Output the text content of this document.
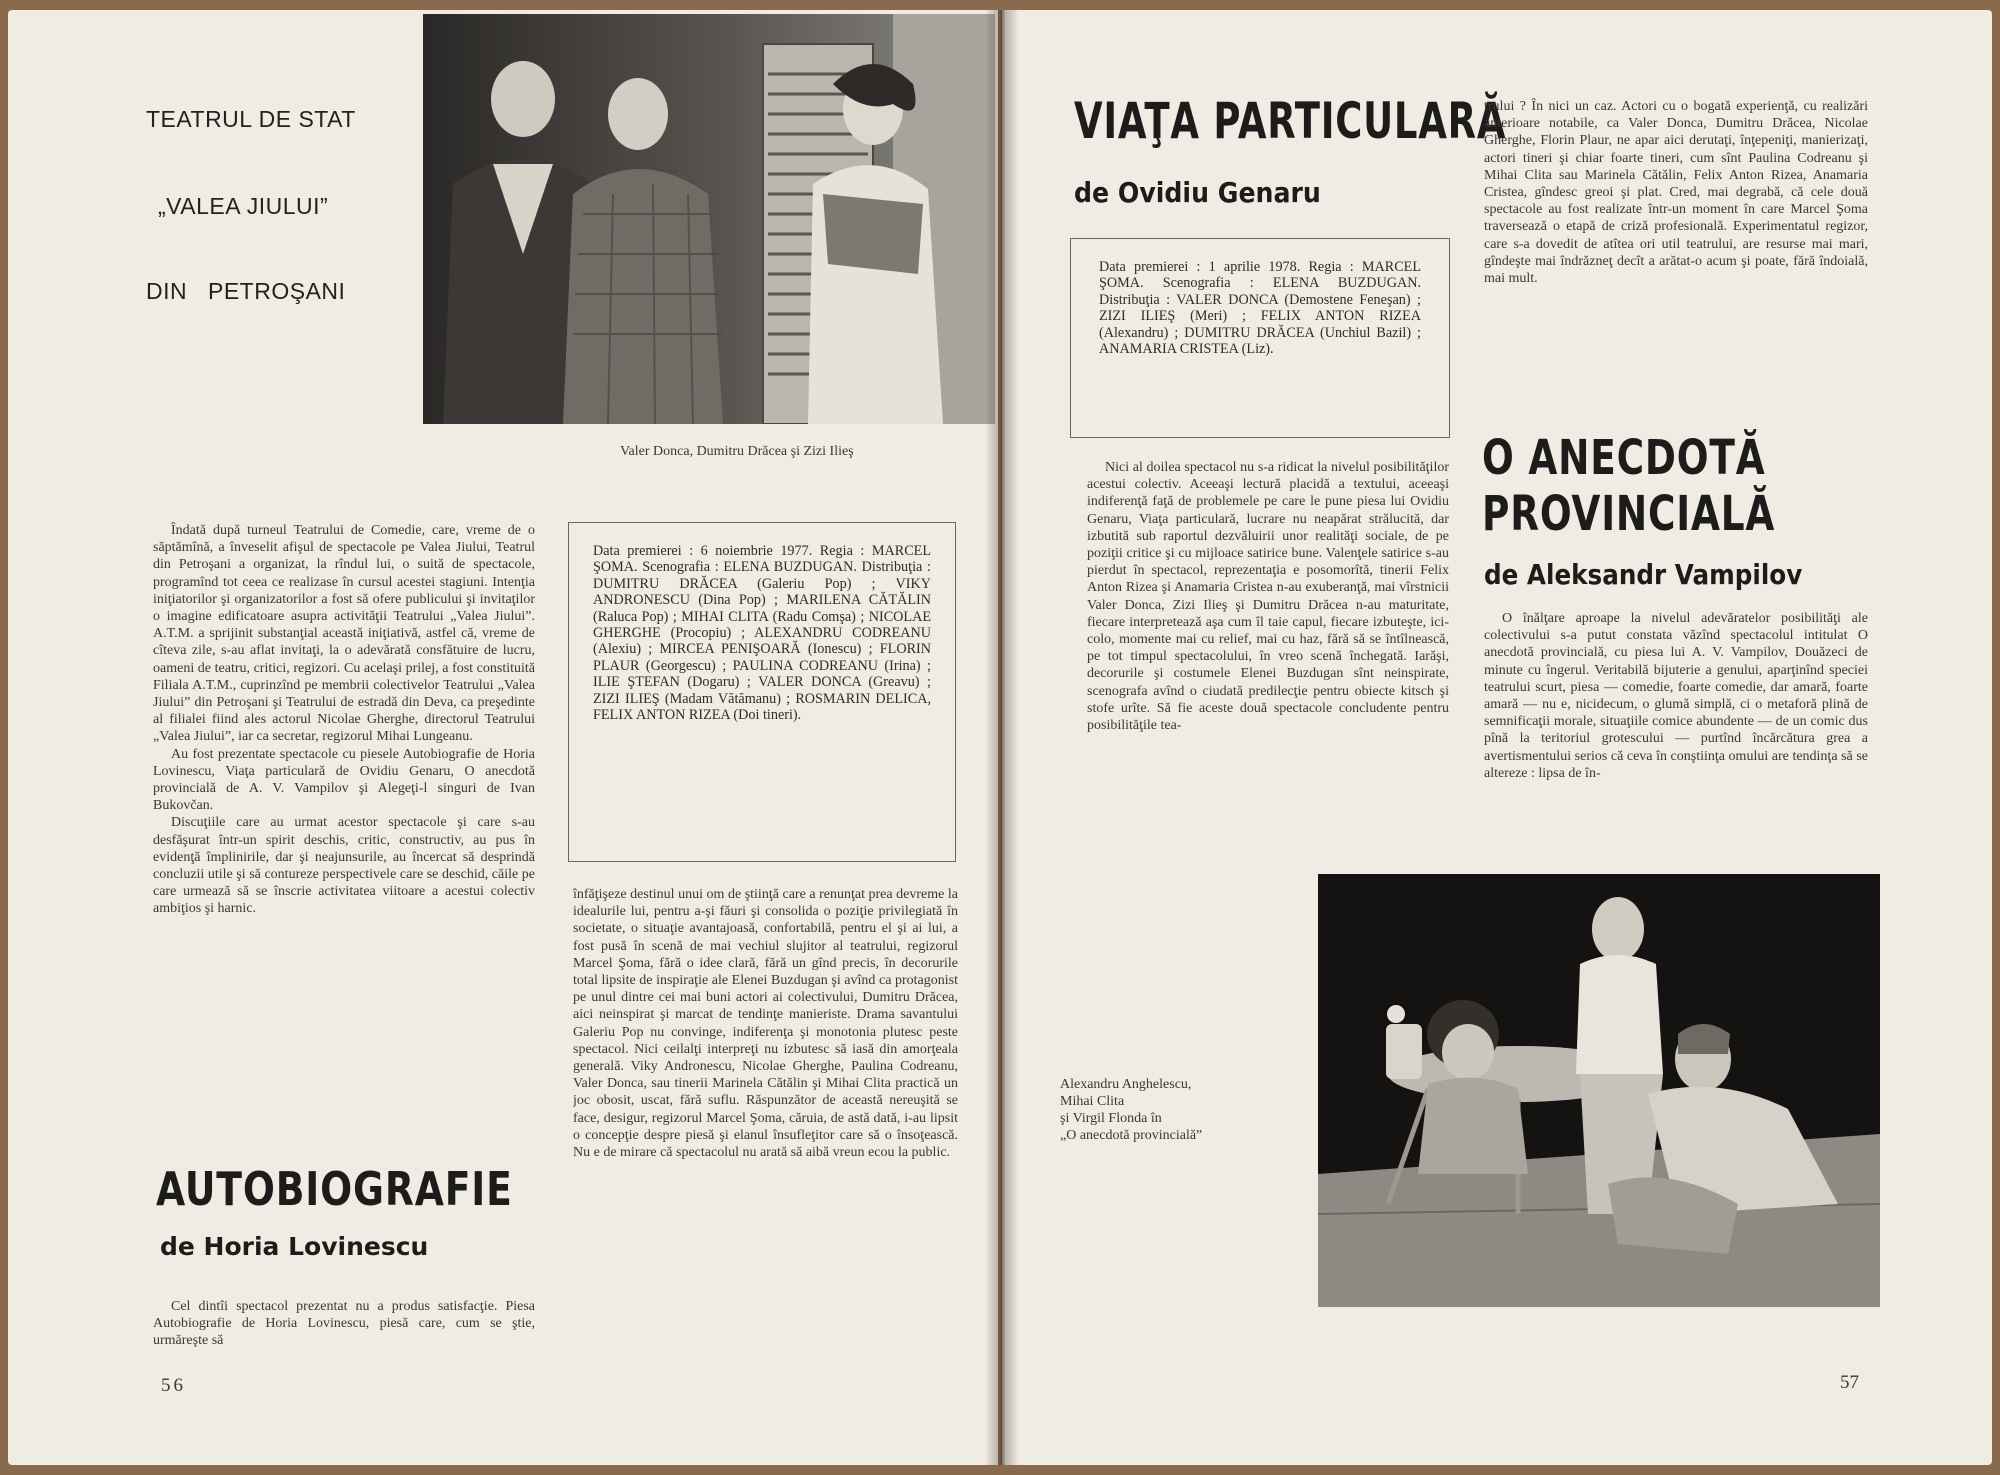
TEATRUL DE STAT
„VALEA JIULUI”
DIN PETROŞANI
Valer Donca, Dumitru Drăcea şi Zizi Ilieş

Îndată după turneul Teatrului de Comedie, care, vreme de o săptămînă, a înveselit afişul de spectacole pe Valea Jiului, Teatrul din Petroşani a organizat, la rîndul lui, o suită de spectacole, programînd tot ceea ce realizase în cursul acestei stagiuni. Intenţia iniţiatorilor şi organizatorilor a fost să ofere publicului şi invitaţilor o imagine edificatoare asupra activităţii Teatrului „Valea Jiului”. A.T.M. a sprijinit substanţial această iniţiativă, astfel că, vreme de cîteva zile, s-au aflat invitaţi, la o adevărată consfătuire de lucru, oameni de teatru, critici, regizori. Cu acelaşi prilej, a fost constituită Filiala A.T.M., cuprinzînd pe membrii colectivelor Teatrului „Valea Jiului” din Petroşani şi Teatrului de estradă din Deva, ca preşedinte al filialei fiind ales actorul Nicolae Gherghe, directorul Teatrului „Valea Jiului”, iar ca secretar, regizorul Mihai Lungeanu.

Au fost prezentate spectacole cu piesele Autobiografie de Horia Lovinescu, Viaţa particulară de Ovidiu Genaru, O anecdotă provincială de A. V. Vampilov şi Alegeţi-l singuri de Ivan Bukovčan.

Discuţiile care au urmat acestor spectacole şi care s-au desfăşurat într-un spirit deschis, critic, constructiv, au pus în evidenţă împlinirile, dar şi neajunsurile, au încercat să desprindă concluzii utile şi să contureze perspectivele care se deschid, căile pe care urmează să se înscrie activitatea viitoare a acestui colectiv ambiţios şi harnic.

AUTOBIOGRAFIE
de Horia Lovinescu

Cel dintîi spectacol prezentat nu a produs satisfacţie. Piesa Autobiografie de Horia Lovinescu, piesă care, cum se ştie, urmăreşte să

Data premierei : 6 noiembrie 1977. Regia : MARCEL ŞOMA. Scenografia : ELENA BUZDUGAN. Distribuţia : DUMITRU DRĂCEA (Galeriu Pop) ; VIKY ANDRONESCU (Dina Pop) ; MARILENA CĂTĂLIN (Raluca Pop) ; MIHAI CLITA (Radu Comşa) ; NICOLAE GHERGHE (Procopiu) ; ALEXANDRU CODREANU (Alexiu) ; MIRCEA PENIŞOARĂ (Ionescu) ; FLORIN PLAUR (Georgescu) ; PAULINA CODREANU (Irina) ; ILIE ŞTEFAN (Dogaru) ; VALER DONCA (Greavu) ; ZIZI ILIEŞ (Madam Vătămanu) ; ROSMARIN DELICA, FELIX ANTON RIZEA (Doi tineri).

înfăţişeze destinul unui om de ştiinţă care a renunţat prea devreme la idealurile lui, pentru a-şi făuri şi consolida o poziţie privilegiată în societate, o situaţie avantajoasă, confortabilă, pentru el şi ai lui, a fost pusă în scenă de mai vechiul slujitor al teatrului, regizorul Marcel Şoma, fără o idee clară, fără un gînd precis, în decorurile total lipsite de inspiraţie ale Elenei Buzdugan şi avînd ca protagonist pe unul dintre cei mai buni actori ai colectivului, Dumitru Drăcea, aici neinspirat şi marcat de tendinţe manieriste. Drama savantului Galeriu Pop nu convinge, indiferenţa şi monotonia plutesc peste spectacol. Nici ceilalţi interpreţi nu izbutesc să iasă din amorţeala generală. Viky Andronescu, Nicolae Gherghe, Paulina Codreanu, Valer Donca, sau tinerii Marinela Cătălin şi Mihai Clita practică un joc obosit, uscat, fără suflu. Răspunzător de această nereuşită se face, desigur, regizorul Marcel Şoma, căruia, de astă dată, i-au lipsit o concepţie despre piesă şi elanul însufleţitor care să o însoţească. Nu e de mirare că spectacolul nu arată să aibă vreun ecou la public.

56
VIAŢA PARTICULARĂ
de Ovidiu Genaru

Data premierei : 1 aprilie 1978. Regia : MARCEL ŞOMA. Scenografia : ELENA BUZDUGAN. Distribuţia : VALER DONCA (Demostene Feneşan) ; ZIZI ILIEŞ (Meri) ; FELIX ANTON RIZEA (Alexandru) ; DUMITRU DRĂCEA (Unchiul Bazil) ; ANAMARIA CRISTEA (Liz).

Nici al doilea spectacol nu s-a ridicat la nivelul posibilităţilor acestui colectiv. Aceeaşi lectură placidă a textului, aceeaşi indiferenţă faţă de problemele pe care le pune piesa lui Ovidiu Genaru, Viaţa particulară, lucrare nu neapărat strălucită, dar izbutită sub raportul dezvăluirii unor realităţi sociale, de pe poziţii critice şi cu mijloace satirice bune. Valenţele satirice s-au pierdut în spectacol, reprezentaţia e posomorîtă, tinerii Felix Anton Rizea şi Anamaria Cristea n-au exuberanţă, mai vîrstnicii Valer Donca, Zizi Ilieş şi Dumitru Drăcea n-au maturitate, fiecare interpretează aşa cum îl taie capul, fiecare izbuteşte, ici-colo, momente mai cu relief, mai cu haz, fără să se întîlnească, pe tot timpul spectacolului, în vreo scenă închegată. Iarăşi, decorurile şi costumele Elenei Buzdugan sînt neinspirate, scenografa avînd o ciudată predilecţie pentru obiecte kitsch şi stofe urîte. Să fie aceste două spectacole concludente pentru posibilităţile tea-

trului ? În nici un caz. Actori cu o bogată experienţă, cu realizări anterioare notabile, ca Valer Donca, Dumitru Drăcea, Nicolae Gherghe, Florin Plaur, ne apar aici derutaţi, înţepeniţi, manierizaţi, actori tineri şi chiar foarte tineri, cum sînt Paulina Codreanu şi Mihai Clita sau Marinela Cătălin, Felix Anton Rizea, Anamaria Cristea, gîndesc greoi şi plat. Cred, mai degrabă, că cele două spectacole au fost realizate într-un moment în care Marcel Şoma traversează o etapă de criză profesională. Experimentatul regizor, care s-a dovedit de atîtea ori util teatrului, are resurse mai mari, gîndeşte mai îndrăzneţ decît a arătat-o acum şi poate, fără îndoială, mai mult.

O ANECDOTĂ
PROVINCIALĂ
de Aleksandr Vampilov

O înălţare aproape la nivelul adevăratelor posibilităţi ale colectivului s-a putut constata văzînd spectacolul intitulat O anecdotă provincială, cu piesa lui A. V. Vampilov, Douăzeci de minute cu îngerul. Veritabilă bijuterie a genului, aparţinînd speciei teatrului scurt, piesa — comedie, foarte comedie, dar amară, foarte amară — nu e, nicidecum, o glumă simplă, ci o metaforă plină de semnificaţii morale, situaţiile comice abundente — de un comic dus pînă la teritoriul grotescului — purtînd încărcătura grea a avertismentului serios că ceva în conştiinţa omului are tendinţa să se altereze : lipsa de în-

Alexandru Anghelescu,
Mihai Clita
şi Virgil Flonda în
„O anecdotă provincială”
57
